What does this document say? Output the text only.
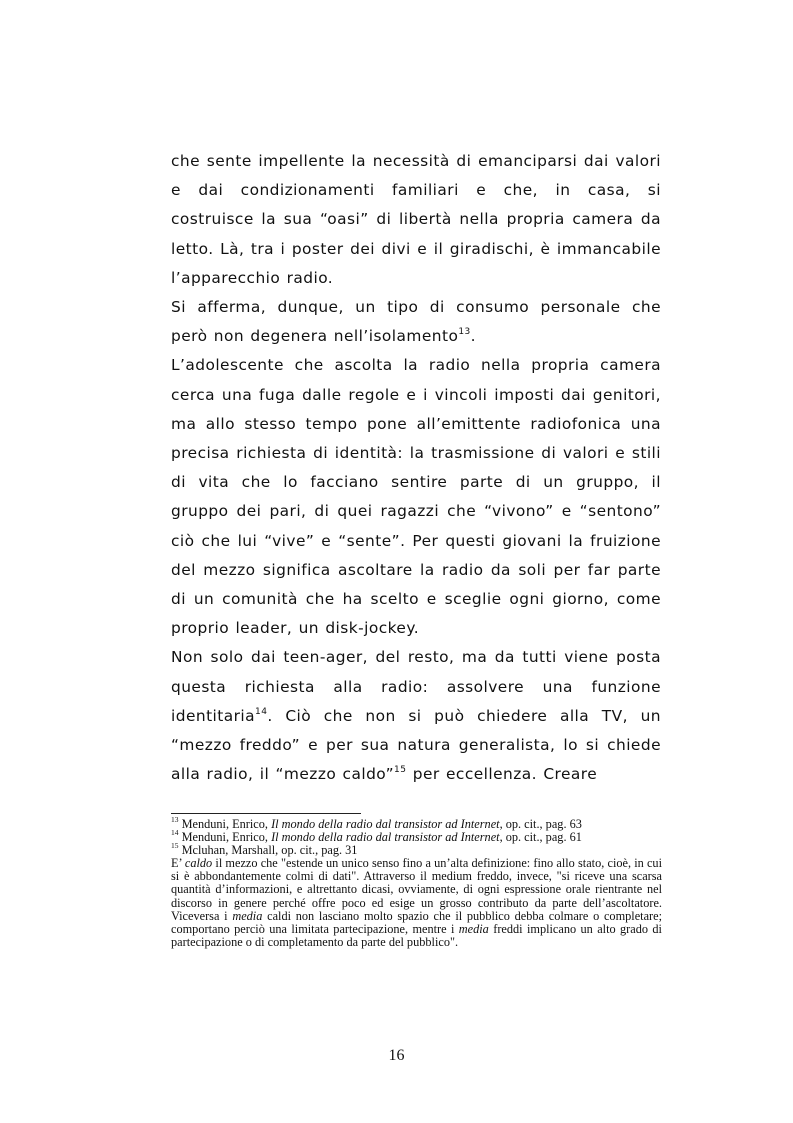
che sente impellente la necessità di emanciparsi dai valori e dai condizionamenti familiari e che, in casa, si costruisce la sua “oasi” di libertà nella propria camera da letto. Là, tra i poster dei divi e il giradischi, è immancabile l’apparecchio radio.

Si afferma, dunque, un tipo di consumo personale che però non degenera nell’isolamento$^{13}$.

L’adolescente che ascolta la radio nella propria camera cerca una fuga dalle regole e i vincoli imposti dai genitori, ma allo stesso tempo pone all’emittente radiofonica una precisa richiesta di identità: la trasmissione di valori e stili di vita che lo facciano sentire parte di un gruppo, il gruppo dei pari, di quei ragazzi che “vivono” e “sentono” ciò che lui “vive” e “sente”. Per questi giovani la fruizione del mezzo significa ascoltare la radio da soli per far parte di un comunità che ha scelto e sceglie ogni giorno, come proprio leader, un disk-jockey.

Non solo dai teen-ager, del resto, ma da tutti viene posta questa richiesta alla radio: assolvere una funzione identitaria$^{14}$. Ciò che non si può chiedere alla TV, un “mezzo freddo” e per sua natura generalista, lo si chiede alla radio, il “mezzo caldo”$^{15}$ per eccellenza. Creare

$^{13}$ Menduni, Enrico, Il mondo della radio dal transistor ad Internet, op. cit., pag. 63

$^{14}$ Menduni, Enrico, Il mondo della radio dal transistor ad Internet, op. cit., pag. 61

$^{15}$ Mcluhan, Marshall, op. cit., pag. 31

E’ caldo il mezzo che "estende un unico senso fino a un’alta definizione: fino allo stato, cioè, in cui si è abbondantemente colmi di dati". Attraverso il medium freddo, invece, "si riceve una scarsa quantità d’informazioni, e altrettanto dicasi, ovviamente, di ogni espressione orale rientrante nel discorso in genere perché offre poco ed esige un grosso contributo da parte dell’ascoltatore. Viceversa i media caldi non lasciano molto spazio che il pubblico debba colmare o completare; comportano perciò una limitata partecipazione, mentre i media freddi implicano un alto grado di partecipazione o di completamento da parte del pubblico".

16
